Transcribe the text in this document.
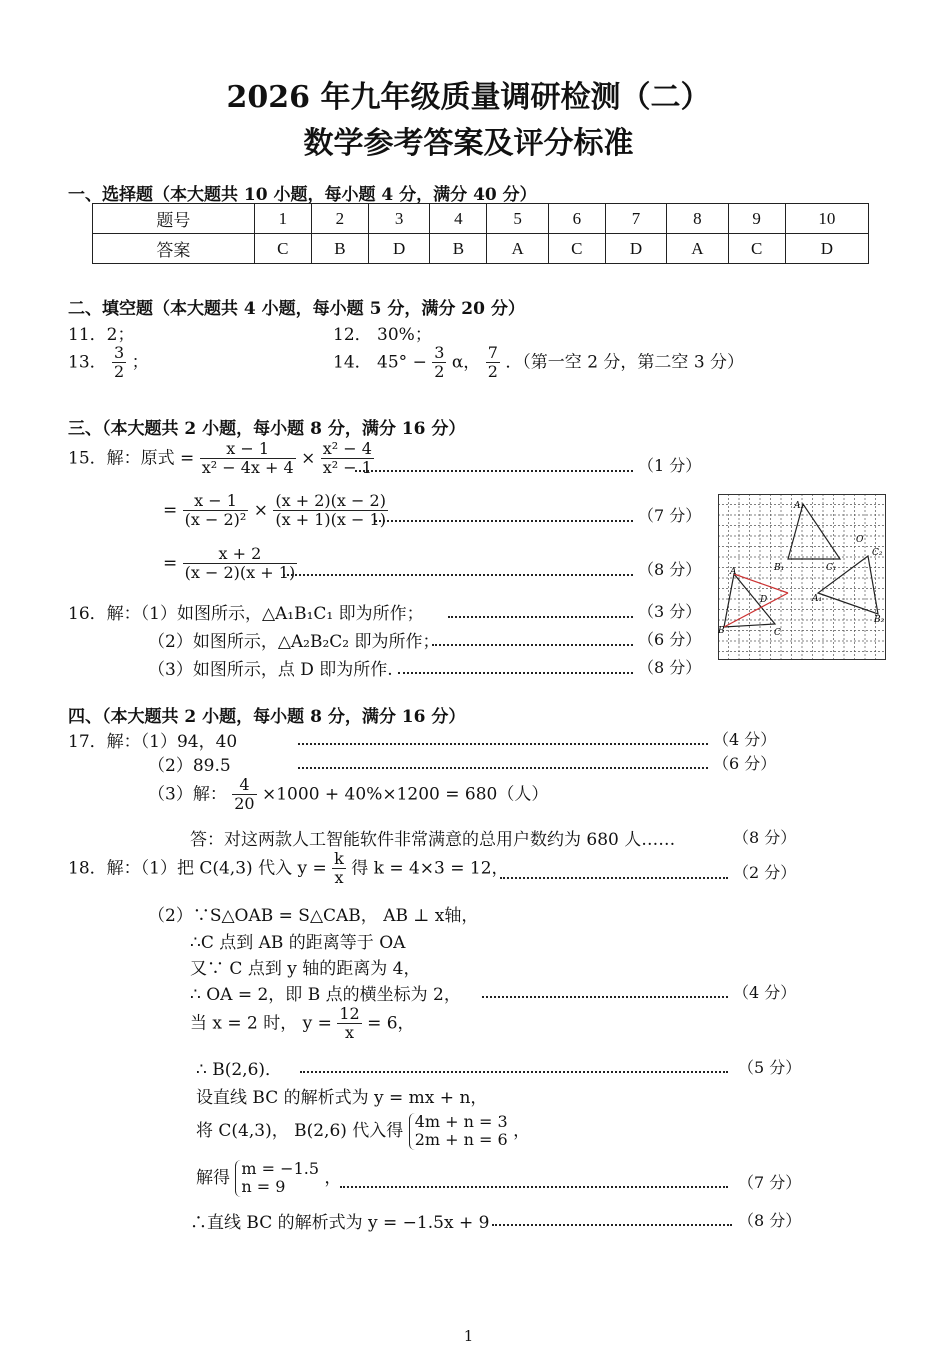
2026 年九年级质量调研检测（二）
数学参考答案及评分标准
一、选择题（本大题共 10 小题，每小题 4 分，满分 40 分）
题号	1	2	3	4	5	6	7	8	9	10
答案	C	B	D	B	A	C	D	A	C	D
二、填空题（本大题共 4 小题，每小题 5 分，满分 20 分）
11．2；	12． 30%；
13． $\frac{3}{2}$ ；	14． $45^\circ - \frac{3}{2}$ α， $\frac{7}{2}$ ．（第一空 2 分，第二空 3 分）
三、（本大题共 2 小题，每小题 8 分，满分 16 分）
15．解：原式 = $\frac{x - 1}{\text{x² − 4x + 4}} \times \frac{\text{x² − 4}}{\text{x² − 1}}$	（1 分）
= $\frac{x - 1}{\text{(x − 2)²}} \times \frac{(x + 2)(x - 2)}{(x + 1)(x - 1)}$	（7 分）
= $\frac{x + 2}{(x - 2)(x + 1)}$	（8 分）
16．解：（1）如图所示，△A₁B₁C₁ 即为所作；	（3 分）
（2）如图所示，△A₂B₂C₂ 即为所作；	（6 分）
（3）如图所示，点 D 即为所作.	（8 分）
A₂
O
C₂
B₁	C₁
A
D	A₁
B	C
B₂
四、（本大题共 2 小题，每小题 8 分，满分 16 分）
17．解：（1）94，40	（4 分）
（2）89.5	（6 分）
（3）解： $\frac{4}{20} \times 1000 + 40\%\times 1200 = 680$（人）
答：对这两款人工智能软件非常满意的总用户数约为 680 人……	（8 分）
18．解：（1）把 C(4,3) 代入 $y = \frac{k}{x}$ 得 k = 4×3 = 12，	（2 分）
（2）∵S△OAB = S△CAB， AB ⊥ x轴，
∴C 点到 AB 的距离等于 OA
又∵ C 点到 y 轴的距离为 4，
∴ OA = 2，即 B 点的横坐标为 2，	（4 分）
当 x = 2 时， $y = \frac{12}{x} = 6$，
∴ B(2,6)．	（5 分）
设直线 BC 的解析式为 y = mx + n，
将 C(4,3)， B(2,6) 代入得 4m + n = 3
2m + n = 6 ，
解得 m = −1.5
n = 9	，	（7 分）
∴直线 BC 的解析式为 y = −1.5x + 9	（8 分）
1
